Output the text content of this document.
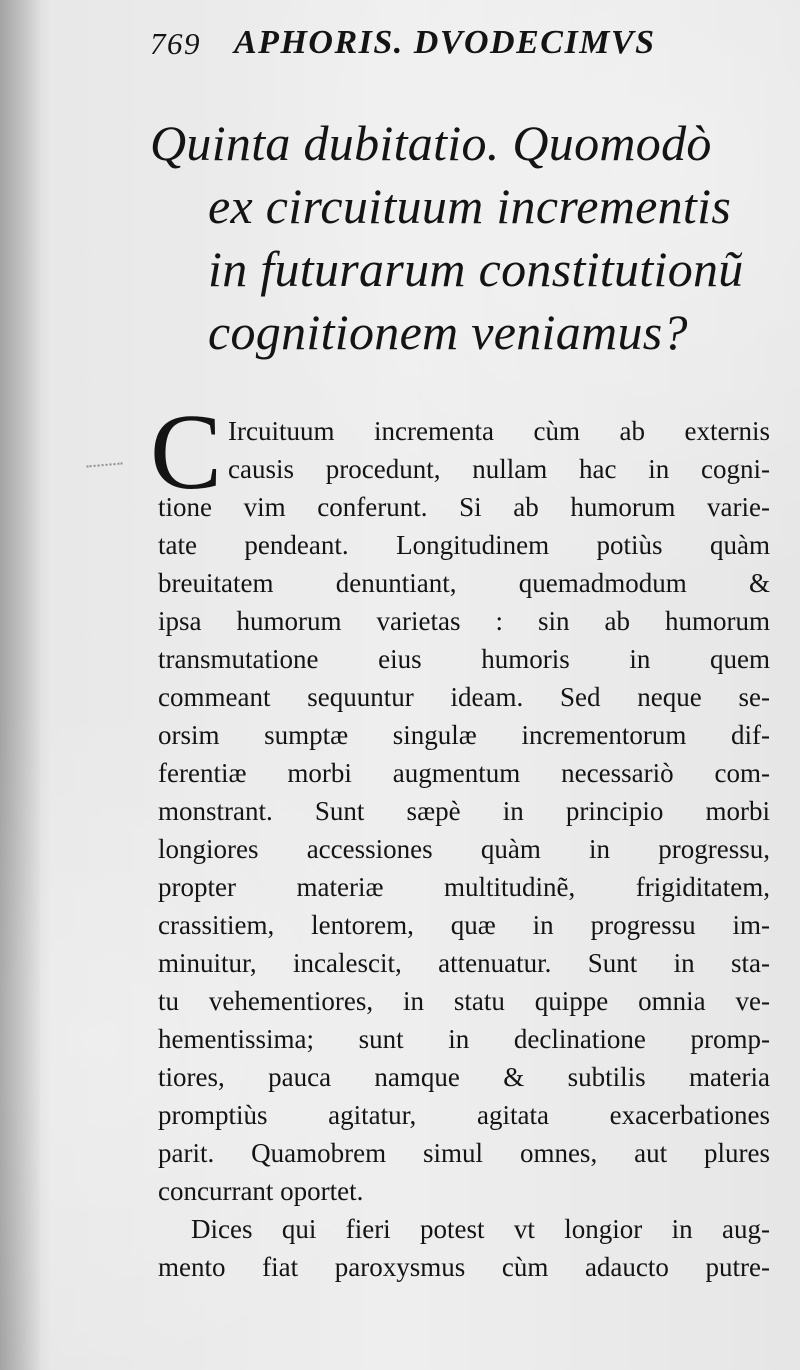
769 APHORIS. DVODECIMVS
Quinta dubitatio. Quomodò
ex circuituum incrementis
in futurarum constitutionũ
cognitionem veniamus?
C Ircuituum incrementa cùm ab externis
causis procedunt, nullam hac in cogni-
tione vim conferunt. Si ab humorum varie-
tate pendeant. Longitudinem potiùs quàm
breuitatem denuntiant, quemadmodum &
ipsa humorum varietas : sin ab humorum
transmutatione eius humoris in quem
commeant sequuntur ideam. Sed neque se-
orsim sumptæ singulæ incrementorum dif-
ferentiæ morbi augmentum necessariò com-
monstrant. Sunt sæpè in principio morbi
longiores accessiones quàm in progressu,
propter materiæ multitudinẽ, frigiditatem,
crassitiem, lentorem, quæ in progressu im-
minuitur, incalescit, attenuatur. Sunt in sta-
tu vehementiores, in statu quippe omnia ve-
hementissima; sunt in declinatione promp-
tiores, pauca namque & subtilis materia
promptiùs agitatur, agitata exacerbationes
parit. Quamobrem simul omnes, aut plures
concurrant oportet.
Dices qui fieri potest vt longior in aug-
mento fiat paroxysmus cùm adaucto putre-
